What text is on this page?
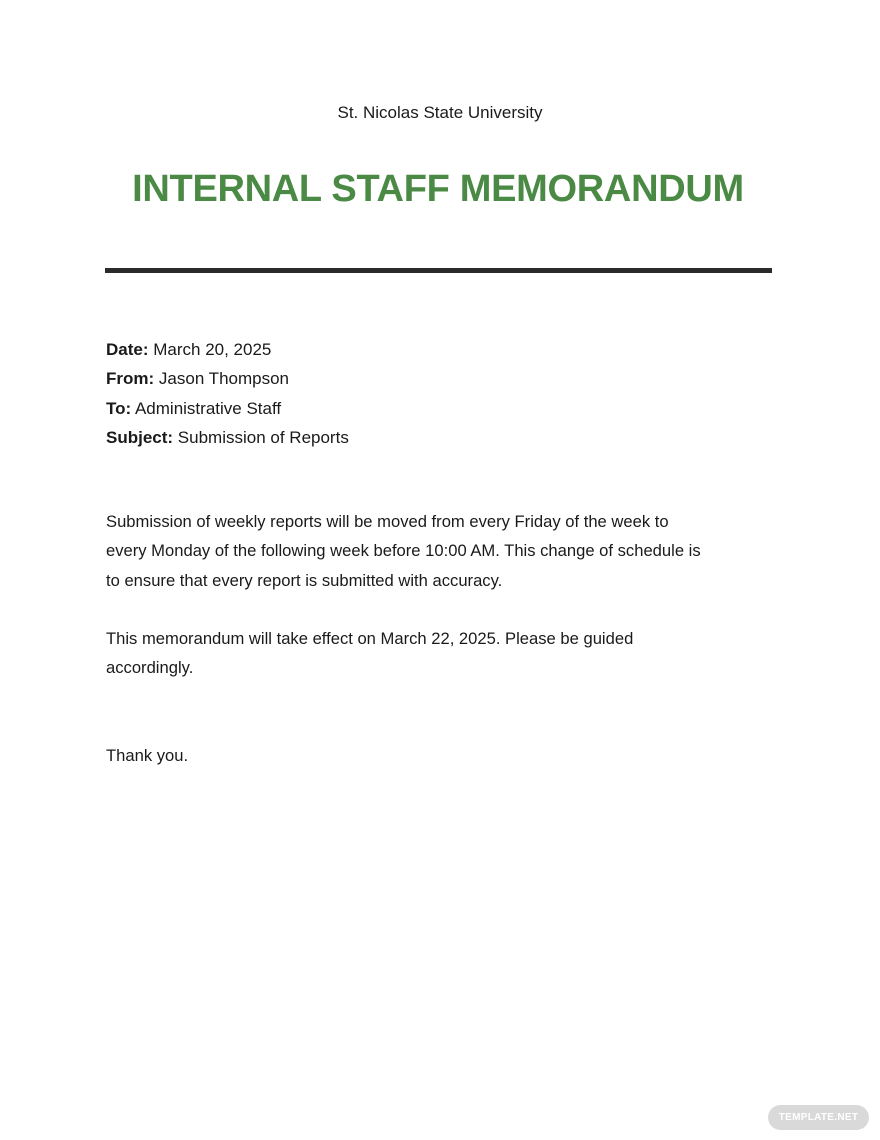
St. Nicolas State University
INTERNAL STAFF MEMORANDUM
Date: March 20, 2025
From: Jason Thompson
To: Administrative Staff
Subject: Submission of Reports
Submission of weekly reports will be moved from every Friday of the week to
every Monday of the following week before 10:00 AM. This change of schedule is
to ensure that every report is submitted with accuracy.
This memorandum will take effect on March 22, 2025. Please be guided
accordingly.
Thank you.
TEMPLATE.NET
